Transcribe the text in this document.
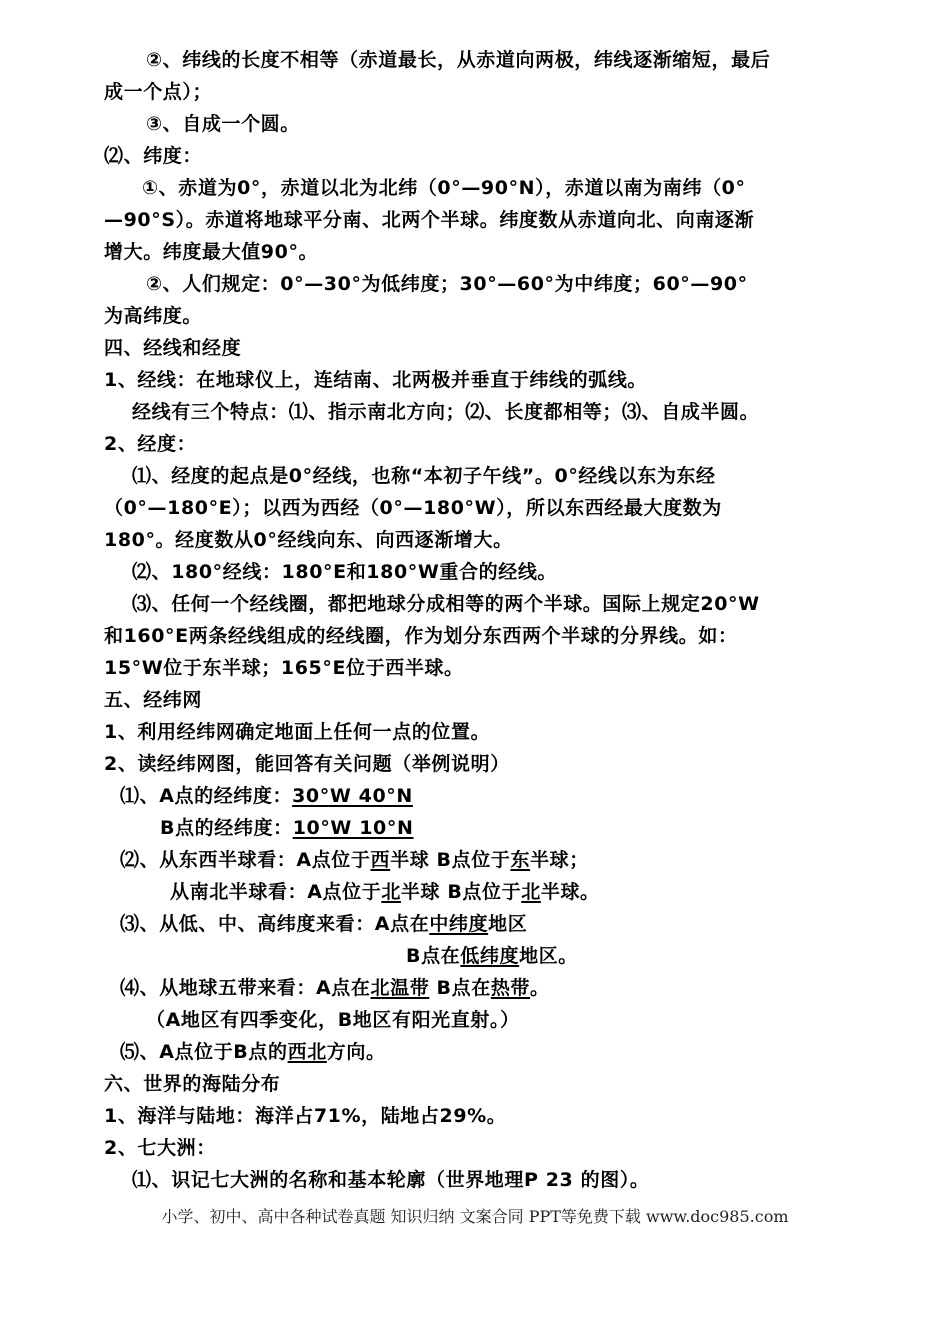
②、纬线的长度不相等（赤道最长，从赤道向两极，纬线逐渐缩短，最后
成一个点）；
③、自成一个圆。
⑵、纬度：
①、赤道为0°，赤道以北为北纬（0°—90°N），赤道以南为南纬（0°
—90°S）。赤道将地球平分南、北两个半球。纬度数从赤道向北、向南逐渐
增大。纬度最大值90°。
②、人们规定：0°—30°为低纬度；30°—60°为中纬度；60°—90°
为高纬度。
四、经线和经度
1、经线：在地球仪上，连结南、北两极并垂直于纬线的弧线。
经线有三个特点：⑴、指示南北方向；⑵、长度都相等；⑶、自成半圆。
2、经度：
⑴、经度的起点是0°经线，也称“本初子午线”。0°经线以东为东经
（0°—180°E）；以西为西经（0°—180°W），所以东西经最大度数为
180°。经度数从0°经线向东、向西逐渐增大。
⑵、180°经线：180°E和180°W重合的经线。
⑶、任何一个经线圈，都把地球分成相等的两个半球。国际上规定20°W
和160°E两条经线组成的经线圈，作为划分东西两个半球的分界线。如：
15°W位于东半球；165°E位于西半球。
五、经纬网
1、利用经纬网确定地面上任何一点的位置。
2、读经纬网图，能回答有关问题（举例说明）
⑴、A点的经纬度：30°W 40°N
B点的经纬度：10°W 10°N
⑵、从东西半球看：A点位于西半球 B点位于东半球；
从南北半球看：A点位于北半球 B点位于北半球。
⑶、从低、中、高纬度来看：A点在中纬度地区
B点在低纬度地区。
⑷、从地球五带来看：A点在北温带 B点在热带。
（A地区有四季变化，B地区有阳光直射。）
⑸、A点位于B点的西北方向。
六、世界的海陆分布
1、海洋与陆地：海洋占71%，陆地占29%。
2、七大洲：
⑴、识记七大洲的名称和基本轮廓（世界地理P 23 的图）。
小学、初中、高中各种试卷真题 知识归纳 文案合同 PPT等免费下载 www.doc985.com
